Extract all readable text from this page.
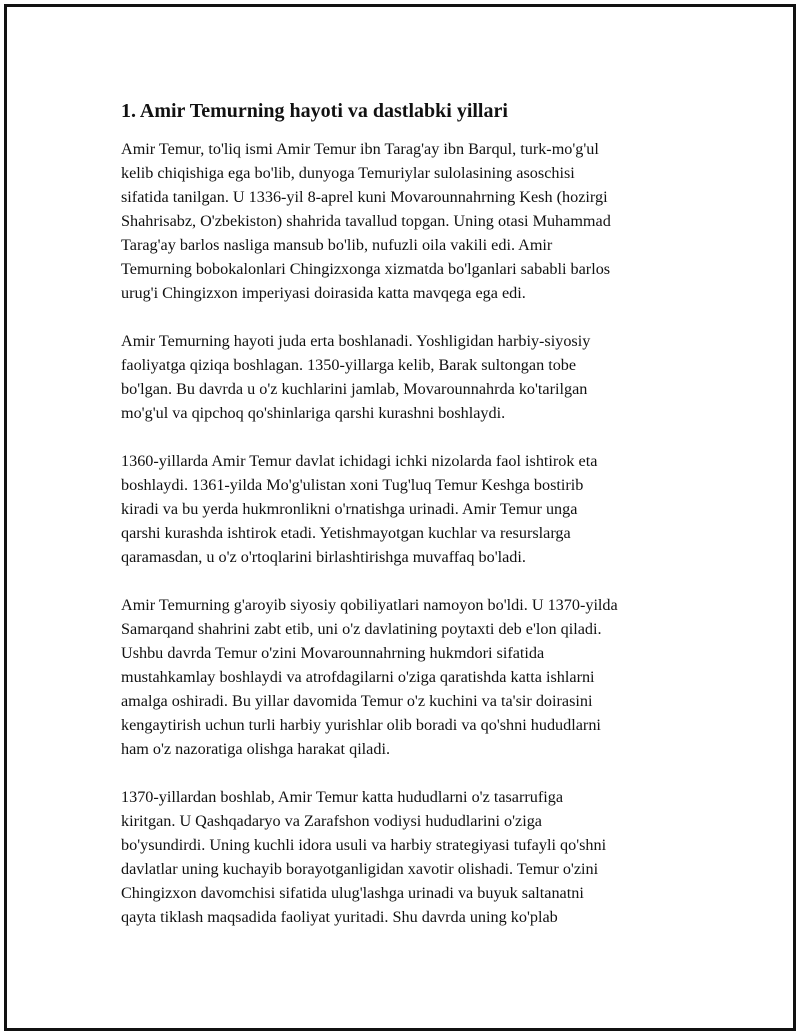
1. Amir Temurning hayoti va dastlabki yillari

Amir Temur, to'liq ismi Amir Temur ibn Tarag'ay ibn Barqul, turk-mo'g'ul
kelib chiqishiga ega bo'lib, dunyoga Temuriylar sulolasining asoschisi
sifatida tanilgan. U 1336-yil 8-aprel kuni Movarounnahrning Kesh (hozirgi
Shahrisabz, O'zbekiston) shahrida tavallud topgan. Uning otasi Muhammad
Tarag'ay barlos nasliga mansub bo'lib, nufuzli oila vakili edi. Amir
Temurning bobokalonlari Chingizxonga xizmatda bo'lganlari sababli barlos
urug'i Chingizxon imperiyasi doirasida katta mavqega ega edi.

Amir Temurning hayoti juda erta boshlanadi. Yoshligidan harbiy-siyosiy
faoliyatga qiziqa boshlagan. 1350-yillarga kelib, Barak sultongan tobe
bo'lgan. Bu davrda u o'z kuchlarini jamlab, Movarounnahrda ko'tarilgan
mo'g'ul va qipchoq qo'shinlariga qarshi kurashni boshlaydi.

1360-yillarda Amir Temur davlat ichidagi ichki nizolarda faol ishtirok eta
boshlaydi. 1361-yilda Mo'g'ulistan xoni Tug'luq Temur Keshga bostirib
kiradi va bu yerda hukmronlikni o'rnatishga urinadi. Amir Temur unga
qarshi kurashda ishtirok etadi. Yetishmayotgan kuchlar va resurslarga
qaramasdan, u o'z o'rtoqlarini birlashtirishga muvaffaq bo'ladi.

Amir Temurning g'aroyib siyosiy qobiliyatlari namoyon bo'ldi. U 1370-yilda
Samarqand shahrini zabt etib, uni o'z davlatining poytaxti deb e'lon qiladi.
Ushbu davrda Temur o'zini Movarounnahrning hukmdori sifatida
mustahkamlay boshlaydi va atrofdagilarni o'ziga qaratishda katta ishlarni
amalga oshiradi. Bu yillar davomida Temur o'z kuchini va ta'sir doirasini
kengaytirish uchun turli harbiy yurishlar olib boradi va qo'shni hududlarni
ham o'z nazoratiga olishga harakat qiladi.

1370-yillardan boshlab, Amir Temur katta hududlarni o'z tasarrufiga
kiritgan. U Qashqadaryo va Zarafshon vodiysi hududlarini o'ziga
bo'ysundirdi. Uning kuchli idora usuli va harbiy strategiyasi tufayli qo'shni
davlatlar uning kuchayib borayotganligidan xavotir olishadi. Temur o'zini
Chingizxon davomchisi sifatida ulug'lashga urinadi va buyuk saltanatni
qayta tiklash maqsadida faoliyat yuritadi. Shu davrda uning ko'plab
